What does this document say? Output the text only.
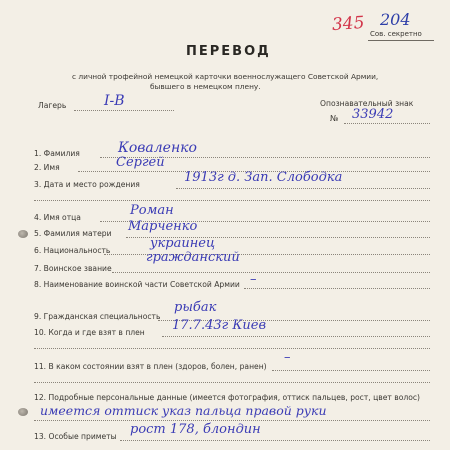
345 204
Сов. секретно
ПЕРЕВОД
с личной трофейной немецкой карточки военнослужащего Советской Армии,
бывшего в немецком плену.
Лагерь	I-B	Опознавательный знак
№ 33942
1. Фамилия	Коваленко
2. Имя	Сергей
3. Дата и место рождения	1913г д. Зап. Слободка
4. Имя отца	Роман
5. Фамилия матери Марченко
6. Национальность	украинец
7. Воинское звание
гражданский
8. Наименование воинской части Советской Армии –
9. Гражданская специальность
рыбак
10. Когда и где взят в плен 17.7.43г Киев
11. В каком состоянии взят в плен (здоров, болен, ранен)
–
12. Подробные персональные данные (имеется фотография, оттиск пальцев, рост, цвет волос)
имеется оттиск указ пальца правой руки
13. Особые приметы рост 178, блондин
